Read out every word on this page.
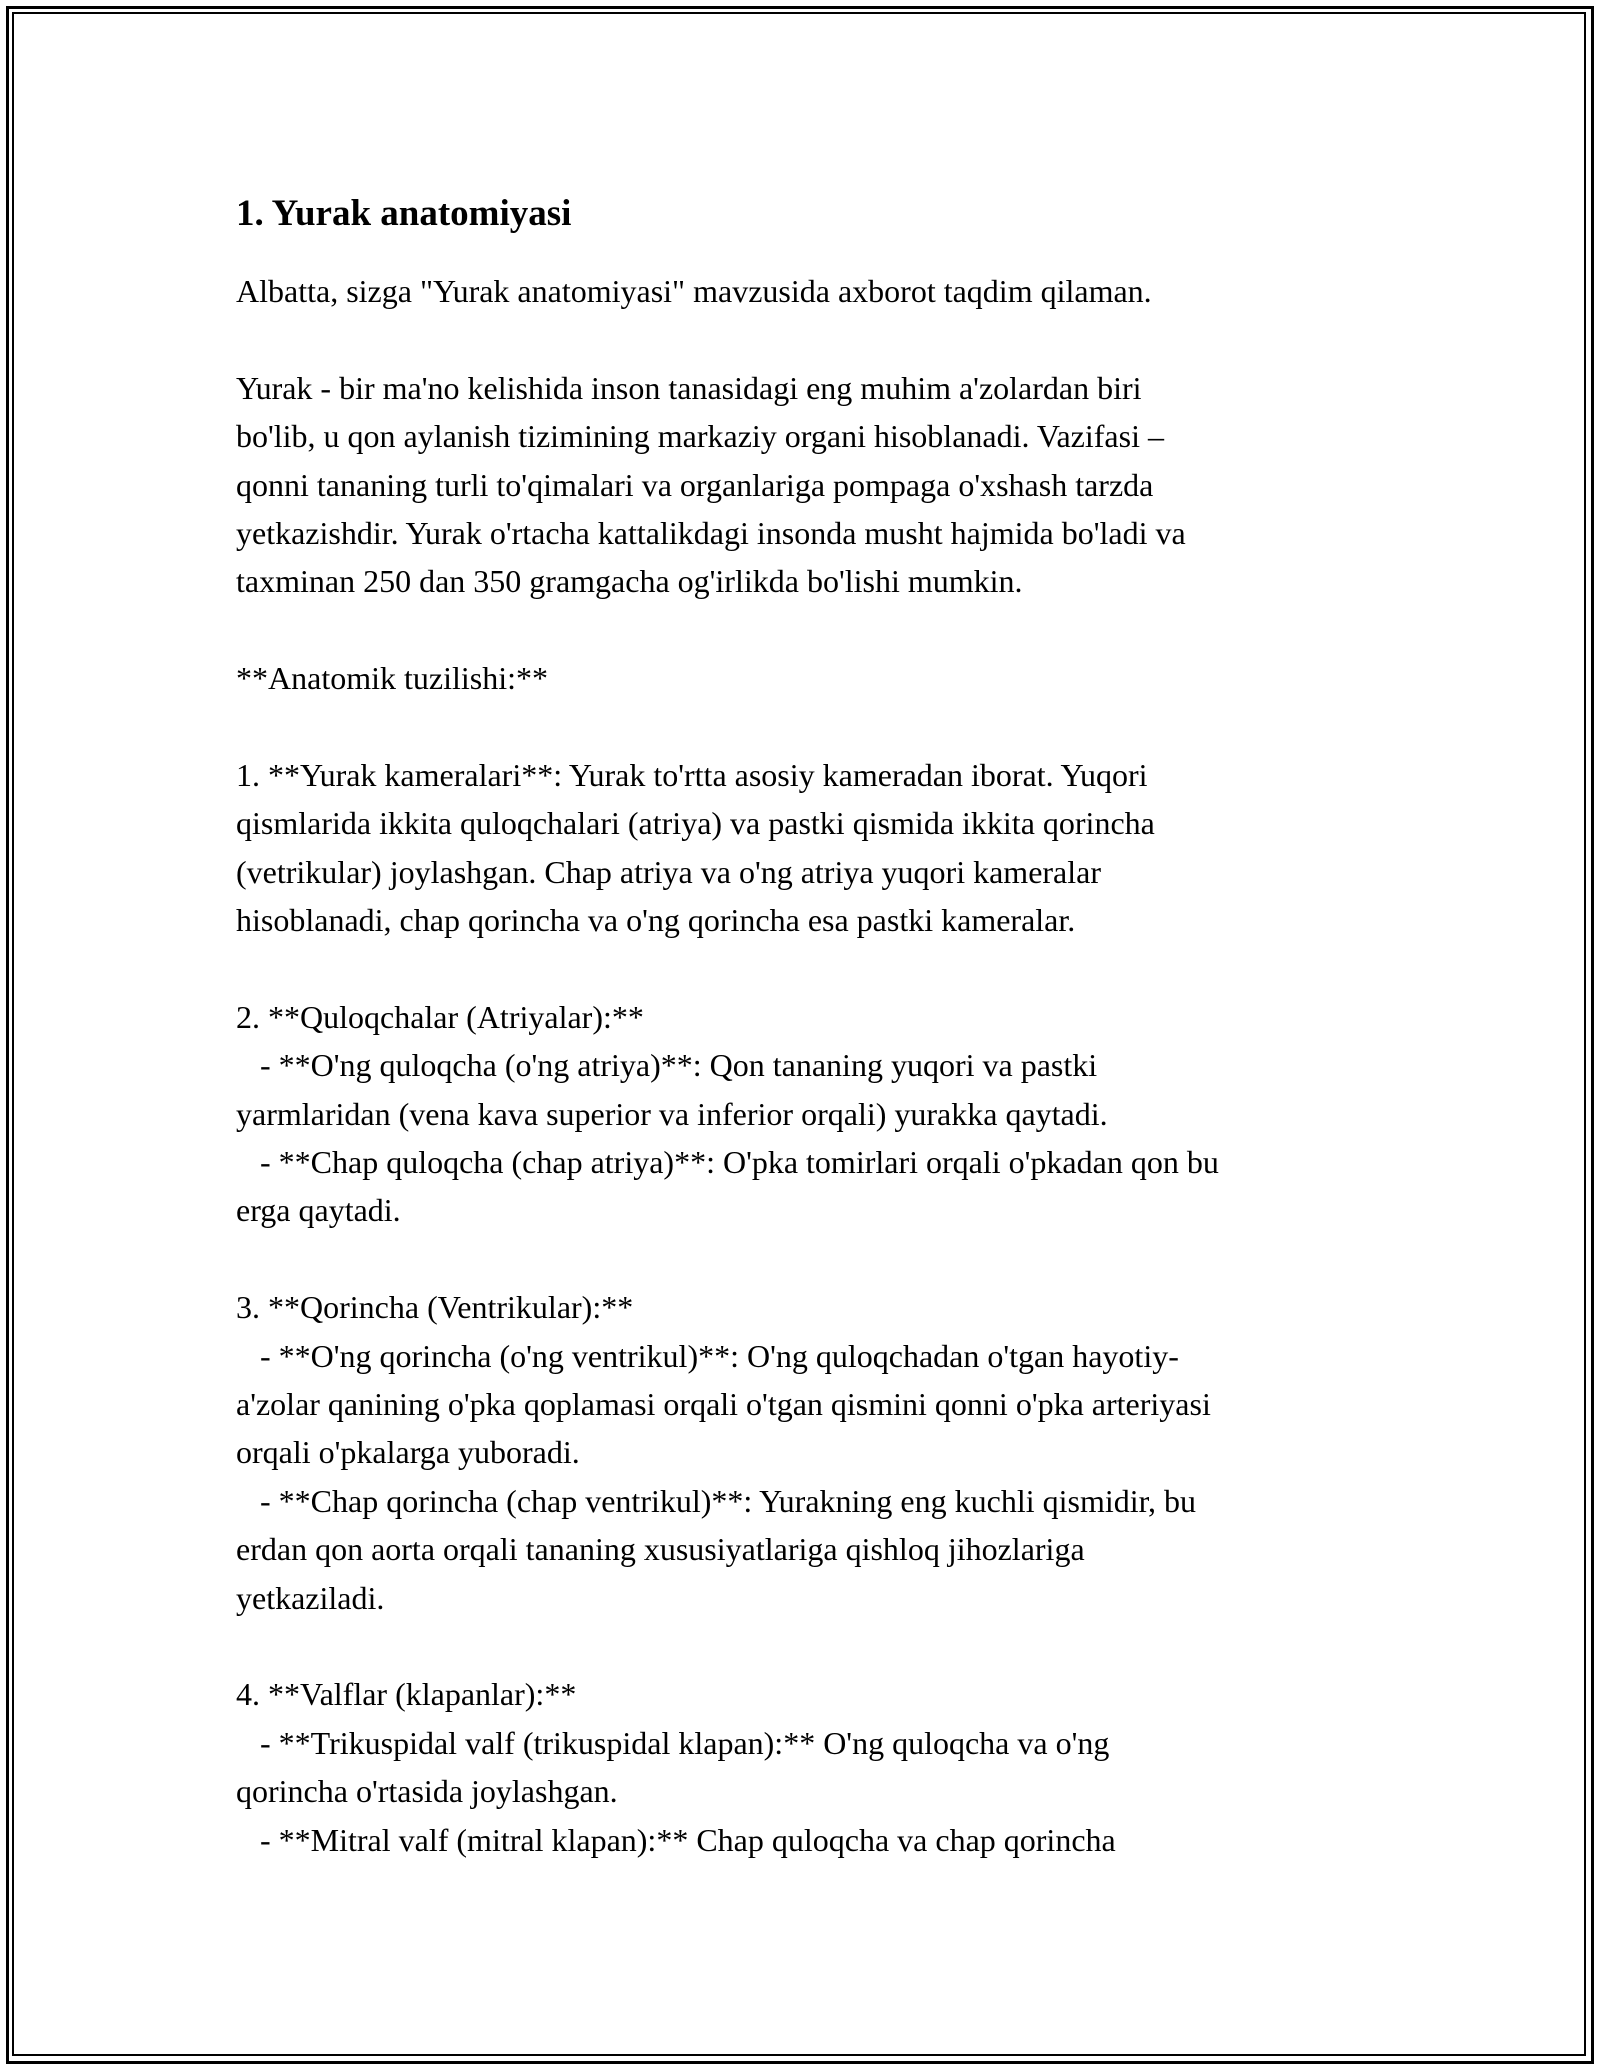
1. Yurak anatomiyasi
Albatta, sizga "Yurak anatomiyasi" mavzusida axborot taqdim qilaman.
Yurak - bir ma'no kelishida inson tanasidagi eng muhim a'zolardan biri
bo'lib, u qon aylanish tizimining markaziy organi hisoblanadi. Vazifasi –
qonni tananing turli to'qimalari va organlariga pompaga o'xshash tarzda
yetkazishdir. Yurak o'rtacha kattalikdagi insonda musht hajmida bo'ladi va
taxminan 250 dan 350 gramgacha og'irlikda bo'lishi mumkin.
**Anatomik tuzilishi:**
1. **Yurak kameralari**: Yurak to'rtta asosiy kameradan iborat. Yuqori
qismlarida ikkita quloqchalari (atriya) va pastki qismida ikkita qorincha
(vetrikular) joylashgan. Chap atriya va o'ng atriya yuqori kameralar
hisoblanadi, chap qorincha va o'ng qorincha esa pastki kameralar.
2. **Quloqchalar (Atriyalar):**
- **O'ng quloqcha (o'ng atriya)**: Qon tananing yuqori va pastki
yarmlaridan (vena kava superior va inferior orqali) yurakka qaytadi.
- **Chap quloqcha (chap atriya)**: O'pka tomirlari orqali o'pkadan qon bu
erga qaytadi.
3. **Qorincha (Ventrikular):**
- **O'ng qorincha (o'ng ventrikul)**: O'ng quloqchadan o'tgan hayotiy-
a'zolar qanining o'pka qoplamasi orqali o'tgan qismini qonni o'pka arteriyasi
orqali o'pkalarga yuboradi.
- **Chap qorincha (chap ventrikul)**: Yurakning eng kuchli qismidir, bu
erdan qon aorta orqali tananing xususiyatlariga qishloq jihozlariga
yetkaziladi.
4. **Valflar (klapanlar):**
- **Trikuspidal valf (trikuspidal klapan):** O'ng quloqcha va o'ng
qorincha o'rtasida joylashgan.
- **Mitral valf (mitral klapan):** Chap quloqcha va chap qorincha
